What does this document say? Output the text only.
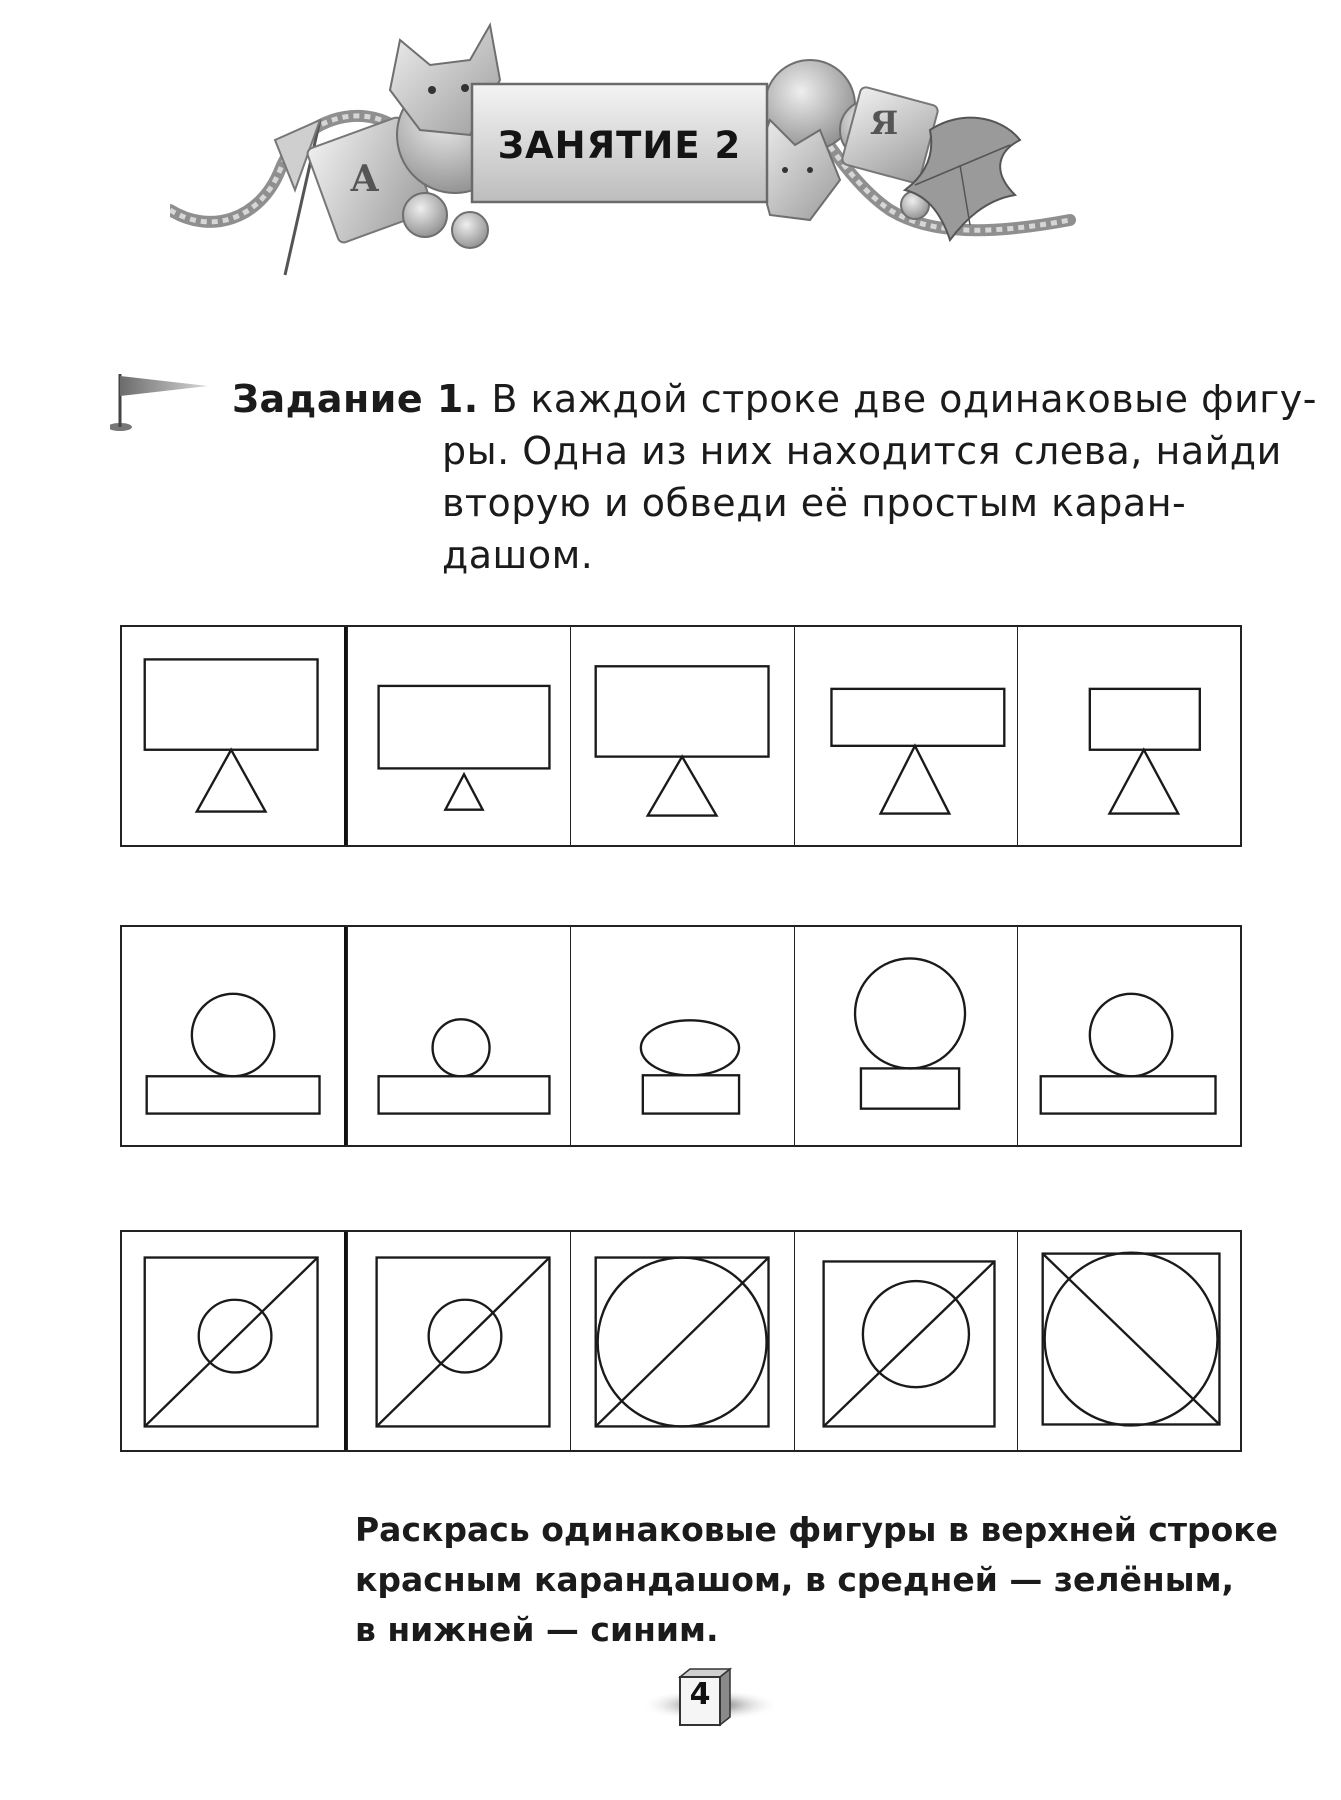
А
Я
ЗАНЯТИЕ 2
Задание 1. В каждой строке две одинаковые фигу-
ры. Одна из них находится слева, найди
вторую и обведи её простым каран-
дашом.
Раскрась одинаковые фигуры в верхней строке
красным карандашом, в средней — зелёным,
в нижней — синим.
4
